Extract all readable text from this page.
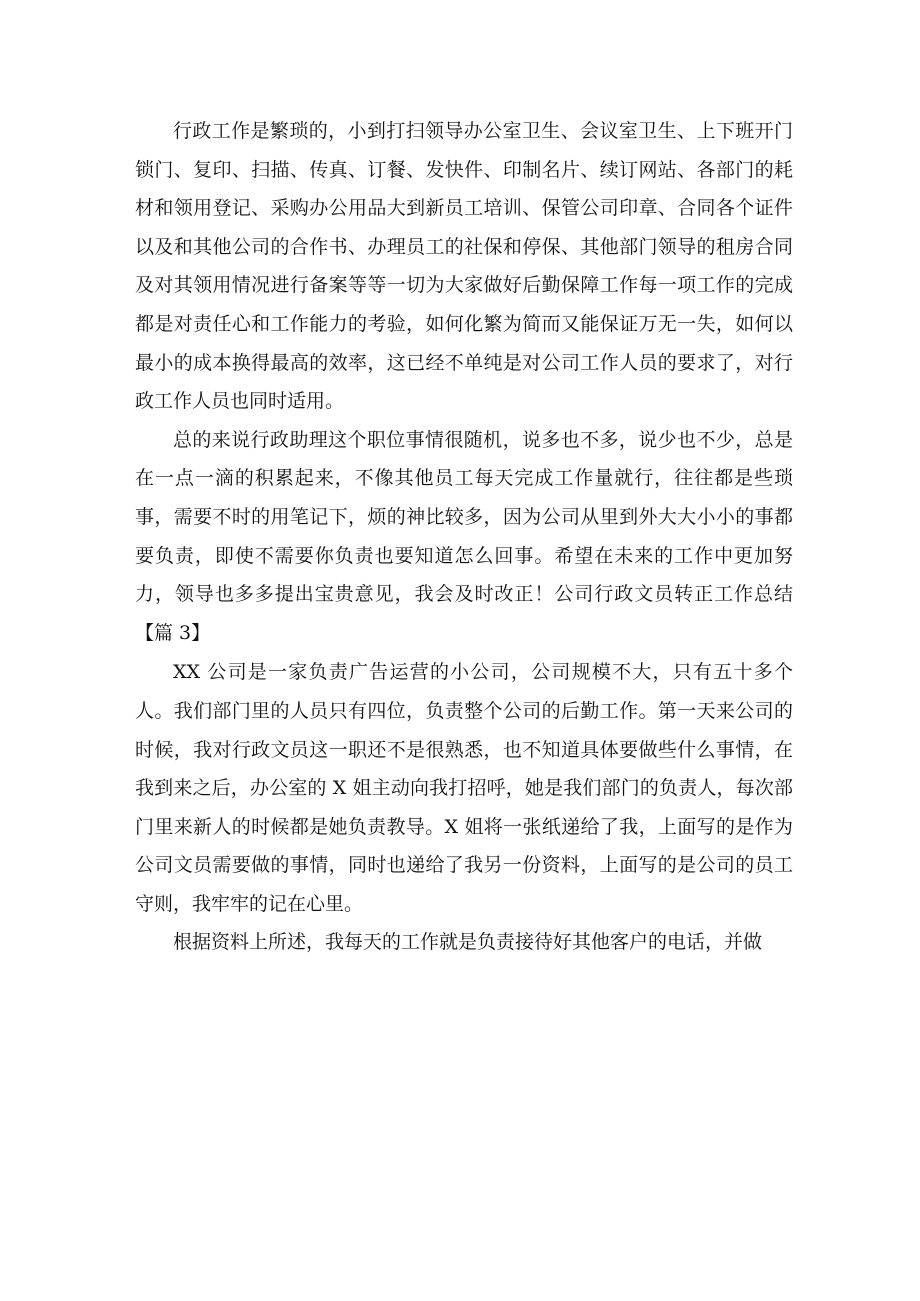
行政工作是繁琐的，小到打扫领导办公室卫生、会议室卫生、上下班开门锁门、复印、扫描、传真、订餐、发快件、印制名片、续订网站、各部门的耗材和领用登记、采购办公用品大到新员工培训、保管公司印章、合同各个证件以及和其他公司的合作书、办理员工的社保和停保、其他部门领导的租房合同及对其领用情况进行备案等等一切为大家做好后勤保障工作每一项工作的完成都是对责任心和工作能力的考验，如何化繁为简而又能保证万无一失，如何以最小的成本换得最高的效率，这已经不单纯是对公司工作人员的要求了，对行政工作人员也同时适用。

总的来说行政助理这个职位事情很随机，说多也不多，说少也不少，总是在一点一滴的积累起来，不像其他员工每天完成工作量就行，往往都是些琐事，需要不时的用笔记下，烦的神比较多，因为公司从里到外大大小小的事都要负责，即使不需要你负责也要知道怎么回事。希望在未来的工作中更加努力，领导也多多提出宝贵意见，我会及时改正！公司行政文员转正工作总结【篇 3】

XX 公司是一家负责广告运营的小公司，公司规模不大，只有五十多个人。我们部门里的人员只有四位，负责整个公司的后勤工作。第一天来公司的时候，我对行政文员这一职还不是很熟悉，也不知道具体要做些什么事情，在我到来之后，办公室的 X 姐主动向我打招呼，她是我们部门的负责人，每次部门里来新人的时候都是她负责教导。X 姐将一张纸递给了我，上面写的是作为公司文员需要做的事情，同时也递给了我另一份资料，上面写的是公司的员工守则，我牢牢的记在心里。

根据资料上所述，我每天的工作就是负责接待好其他客户的电话，并做
